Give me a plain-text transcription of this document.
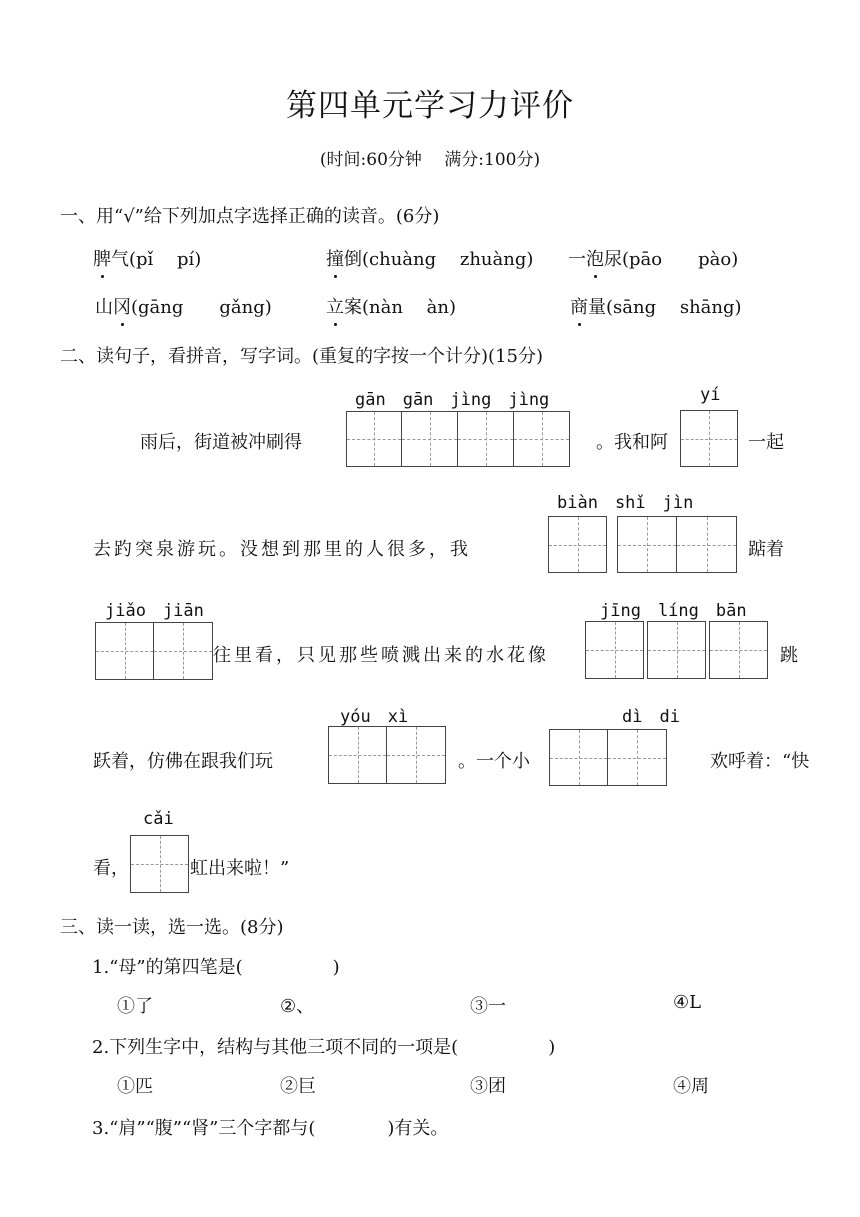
第四单元学习力评价
(时间:60分钟　 满分:100分)
一、用“√”给下列加点字选择正确的读音。(6分)
脾气(pǐ　 pí)	撞倒(chuàng　 zhuàng) 一泡尿(pāo　　pào)
山冈(gāng　　gǎng)	立案(nàn　 àn)	商量(sāng　 shāng)
二、读句子，看拼音，写字词。(重复的字按一个计分)(15分)
gān　gān　jìng　jìng	yí
雨后，街道被冲刷得	。我和阿	一起
biàn　shǐ　jìn
去趵突泉游玩。没想到那里的人很多，我	踮着
jiǎo　jiān	jīng　líng　bān
往里看，只见那些喷溅出来的水花像	跳
yóu　xì	dì　di
跃着，仿佛在跟我们玩	。一个小	欢呼着：“快
cǎi
看，	虹出来啦！”
三、读一读，选一选。(8分)
1.“母”的第四笔是(　　　　　)
①了	②、	③一	④L
2.下列生字中，结构与其他三项不同的一项是(　　　　　)
①匹	②巨	③团	④周
3.“肩”“腹”“肾”三个字都与(　　　　)有关。
